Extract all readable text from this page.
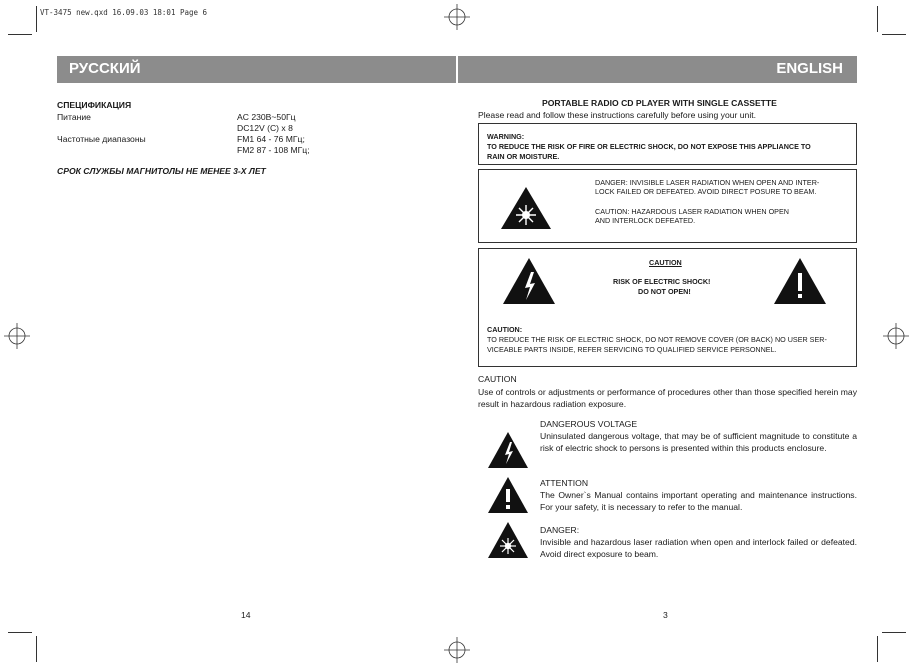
VT-3475 new.qxd 16.09.03 18:01 Page 6
РУССКИЙ
СПЕЦИФИКАЦИЯ
Питание	AC 230В~50Гц
DC12V (C) x 8
Частотные диапазоны	FM1 64 - 76 МГц;
FM2 87 - 108 МГц;
СРОК СЛУЖБЫ МАГНИТОЛЫ НЕ МЕНЕЕ 3-Х ЛЕТ
14
ENGLISH
PORTABLE RADIO CD PLAYER WITH SINGLE CASSETTE
Please read and follow these instructions carefully before using your unit.
WARNING:
TO REDUCE THE RISK OF FIRE OR ELECTRIC SHOCK, DO NOT EXPOSE THIS APPLIANCE TO
RAIN OR MOISTURE.
DANGER: INVISIBLE LASER RADIATION WHEN OPEN AND INTER-
LOCK FAILED OR DEFEATED. AVOID DIRECT POSURE TO BEAM.
CAUTION: HAZARDOUS LASER RADIATION WHEN OPEN
AND INTERLOCK DEFEATED.
CAUTION
RISK OF ELECTRIC SHOCK!
DO NOT OPEN!
CAUTION:
TO REDUCE THE RISK OF ELECTRIC SHOCK, DO NOT REMOVE COVER (OR BACK) NO USER SER-
VICEABLE PARTS INSIDE, REFER SERVICING TO QUALIFIED SERVICE PERSONNEL.
CAUTION
Use of controls or adjustments or performance of procedures other than those specified herein may result in hazardous radiation exposure.
DANGEROUS VOLTAGE
Uninsulated dangerous voltage, that may be of sufficient magnitude to constitute a risk of electric shock to persons is presented within this products enclosure.
ATTENTION
The Owner`s Manual contains important operating and maintenance instructions. For your safety, it is necessary to refer to the manual.
DANGER:
Invisible and hazardous laser radiation when open and interlock failed or defeated. Avoid direct exposure to beam.
3
